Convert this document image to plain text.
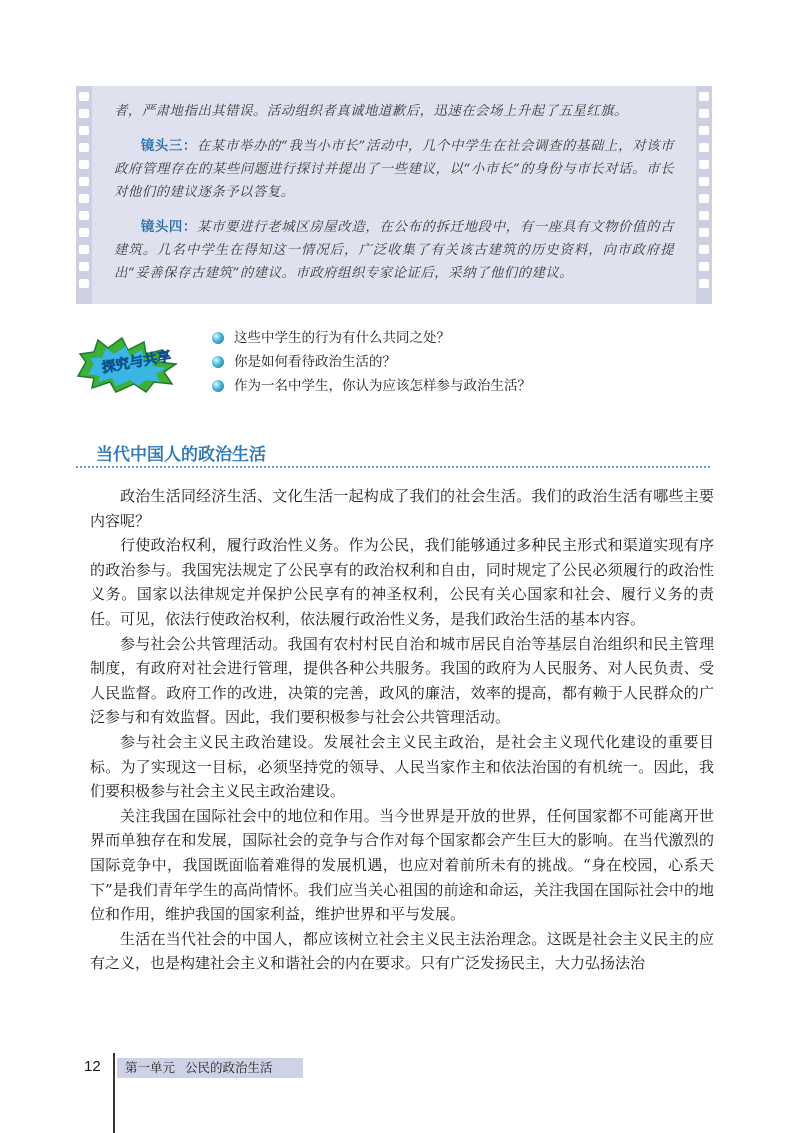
者，严肃地指出其错误。活动组织者真诚地道歉后，迅速在会场上升起了五星红旗。

镜头三：在某市举办的“我当小市长”活动中，几个中学生在社会调查的基础上，对该市政府管理存在的某些问题进行探讨并提出了一些建议，以“小市长”的身份与市长对话。市长对他们的建议逐条予以答复。

镜头四：某市要进行老城区房屋改造，在公布的拆迁地段中，有一座具有文物价值的古建筑。几名中学生在得知这一情况后，广泛收集了有关该古建筑的历史资料，向市政府提出“妥善保存古建筑”的建议。市政府组织专家论证后，采纳了他们的建议。

探究与共享
这些中学生的行为有什么共同之处？
你是如何看待政治生活的？
作为一名中学生，你认为应该怎样参与政治生活？
当代中国人的政治生活

政治生活同经济生活、文化生活一起构成了我们的社会生活。我们的政治生活有哪些主要内容呢？

行使政治权利，履行政治性义务。作为公民，我们能够通过多种民主形式和渠道实现有序的政治参与。我国宪法规定了公民享有的政治权利和自由，同时规定了公民必须履行的政治性义务。国家以法律规定并保护公民享有的神圣权利，公民有关心国家和社会、履行义务的责任。可见，依法行使政治权利，依法履行政治性义务，是我们政治生活的基本内容。

参与社会公共管理活动。我国有农村村民自治和城市居民自治等基层自治组织和民主管理制度，有政府对社会进行管理，提供各种公共服务。我国的政府为人民服务、对人民负责、受人民监督。政府工作的改进，决策的完善，政风的廉洁，效率的提高，都有赖于人民群众的广泛参与和有效监督。因此，我们要积极参与社会公共管理活动。

参与社会主义民主政治建设。发展社会主义民主政治，是社会主义现代化建设的重要目标。为了实现这一目标，必须坚持党的领导、人民当家作主和依法治国的有机统一。因此，我们要积极参与社会主义民主政治建设。

关注我国在国际社会中的地位和作用。当今世界是开放的世界，任何国家都不可能离开世界而单独存在和发展，国际社会的竞争与合作对每个国家都会产生巨大的影响。在当代激烈的国际竞争中，我国既面临着难得的发展机遇，也应对着前所未有的挑战。“身在校园，心系天下”是我们青年学生的高尚情怀。我们应当关心祖国的前途和命运，关注我国在国际社会中的地位和作用，维护我国的国家利益，维护世界和平与发展。

生活在当代社会的中国人，都应该树立社会主义民主法治理念。这既是社会主义民主的应有之义，也是构建社会主义和谐社会的内在要求。只有广泛发扬民主，大力弘扬法治

12	第一单元 公民的政治生活
